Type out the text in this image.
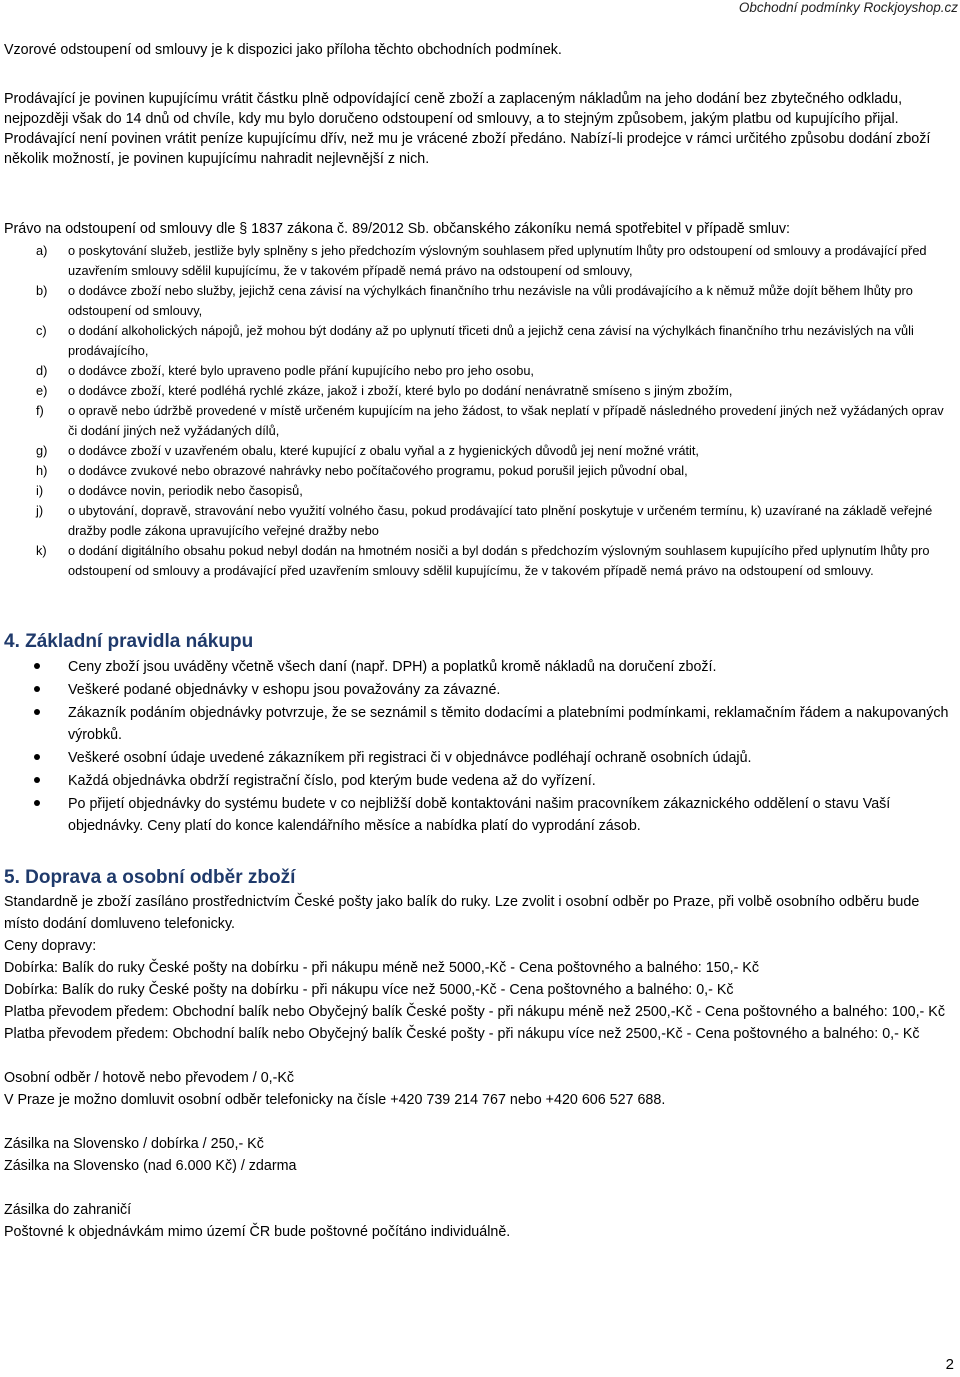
Obchodní podmínky Rockjoyshop.cz

Vzorové odstoupení od smlouvy je k dispozici jako příloha těchto obchodních podmínek.

Prodávající je povinen kupujícímu vrátit částku plně odpovídající ceně zboží a zaplaceným nákladům na jeho dodání bez zbytečného odkladu, nejpozději však do 14 dnů od chvíle, kdy mu bylo doručeno odstoupení od smlouvy, a to stejným způsobem, jakým platbu od kupujícího přijal. Prodávající není povinen vrátit peníze kupujícímu dřív, než mu je vrácené zboží předáno. Nabízí-li prodejce v rámci určitého způsobu dodání zboží několik možností, je povinen kupujícímu nahradit nejlevnější z nich.

Právo na odstoupení od smlouvy dle § 1837 zákona č. 89/2012 Sb. občanského zákoníku nemá spotřebitel v případě smluv:

a)	o poskytování služeb, jestliže byly splněny s jeho předchozím výslovným souhlasem před uplynutím lhůty pro odstoupení od smlouvy a prodávající před uzavřením smlouvy sdělil kupujícímu, že v takovém případě nemá právo na odstoupení od smlouvy,
b)	o dodávce zboží nebo služby, jejichž cena závisí na výchylkách finančního trhu nezávisle na vůli prodávajícího a k němuž může dojít během lhůty pro odstoupení od smlouvy,
c)	o dodání alkoholických nápojů, jež mohou být dodány až po uplynutí třiceti dnů a jejichž cena závisí na výchylkách finančního trhu nezávislých na vůli prodávajícího,
d)	o dodávce zboží, které bylo upraveno podle přání kupujícího nebo pro jeho osobu,
e)	o dodávce zboží, které podléhá rychlé zkáze, jakož i zboží, které bylo po dodání nenávratně smíseno s jiným zbožím,
f)	o opravě nebo údržbě provedené v místě určeném kupujícím na jeho žádost, to však neplatí v případě následného provedení jiných než vyžádaných oprav či dodání jiných než vyžádaných dílů,
g)	o dodávce zboží v uzavřeném obalu, které kupující z obalu vyňal a z hygienických důvodů jej není možné vrátit,
h)	o dodávce zvukové nebo obrazové nahrávky nebo počítačového programu, pokud porušil jejich původní obal,
i)	o dodávce novin, periodik nebo časopisů,
j)	o ubytování, dopravě, stravování nebo využití volného času, pokud prodávající tato plnění poskytuje v určeném termínu, k) uzavírané na základě veřejné dražby podle zákona upravujícího veřejné dražby nebo
k)	o dodání digitálního obsahu pokud nebyl dodán na hmotném nosiči a byl dodán s předchozím výslovným souhlasem kupujícího před uplynutím lhůty pro odstoupení od smlouvy a prodávající před uzavřením smlouvy sdělil kupujícímu, že v takovém případě nemá právo na odstoupení od smlouvy.
4. Základní pravidla nákupu
Ceny zboží jsou uváděny včetně všech daní (např. DPH) a poplatků kromě nákladů na doručení zboží.
Veškeré podané objednávky v eshopu jsou považovány za závazné.
Zákazník podáním objednávky potvrzuje, že se seznámil s těmito dodacími a platebními podmínkami, reklamačním řádem a nakupovaných výrobků.
Veškeré osobní údaje uvedené zákazníkem při registraci či v objednávce podléhají ochraně osobních údajů.
Každá objednávka obdrží registrační číslo, pod kterým bude vedena až do vyřízení.
Po přijetí objednávky do systému budete v co nejbližší době kontaktováni našim pracovníkem zákaznického oddělení o stavu Vaší objednávky. Ceny platí do konce kalendářního měsíce a nabídka platí do vyprodání zásob.
5. Doprava a osobní odběr zboží
Standardně je zboží zasíláno prostřednictvím České pošty jako balík do ruky. Lze zvolit i osobní odběr po Praze, při volbě osobního odběru bude místo dodání domluveno telefonicky.
Ceny dopravy:
Dobírka: Balík do ruky České pošty na dobírku - při nákupu méně než 5000,-Kč - Cena poštovného a balného: 150,- Kč
Dobírka: Balík do ruky České pošty na dobírku - při nákupu více než 5000,-Kč - Cena poštovného a balného: 0,- Kč
Platba převodem předem: Obchodní balík nebo Obyčejný balík České pošty - při nákupu méně než 2500,-Kč - Cena poštovného a balného: 100,- Kč
Platba převodem předem: Obchodní balík nebo Obyčejný balík České pošty - při nákupu více než 2500,-Kč - Cena poštovného a balného: 0,- Kč
Osobní odběr / hotově nebo převodem / 0,-Kč
V Praze je možno domluvit osobní odběr telefonicky na čísle +420 739 214 767 nebo +420 606 527 688.
Zásilka na Slovensko / dobírka / 250,- Kč
Zásilka na Slovensko (nad 6.000 Kč) / zdarma
Zásilka do zahraničí
Poštovné k objednávkám mimo území ČR bude poštovné počítáno individuálně.
2
